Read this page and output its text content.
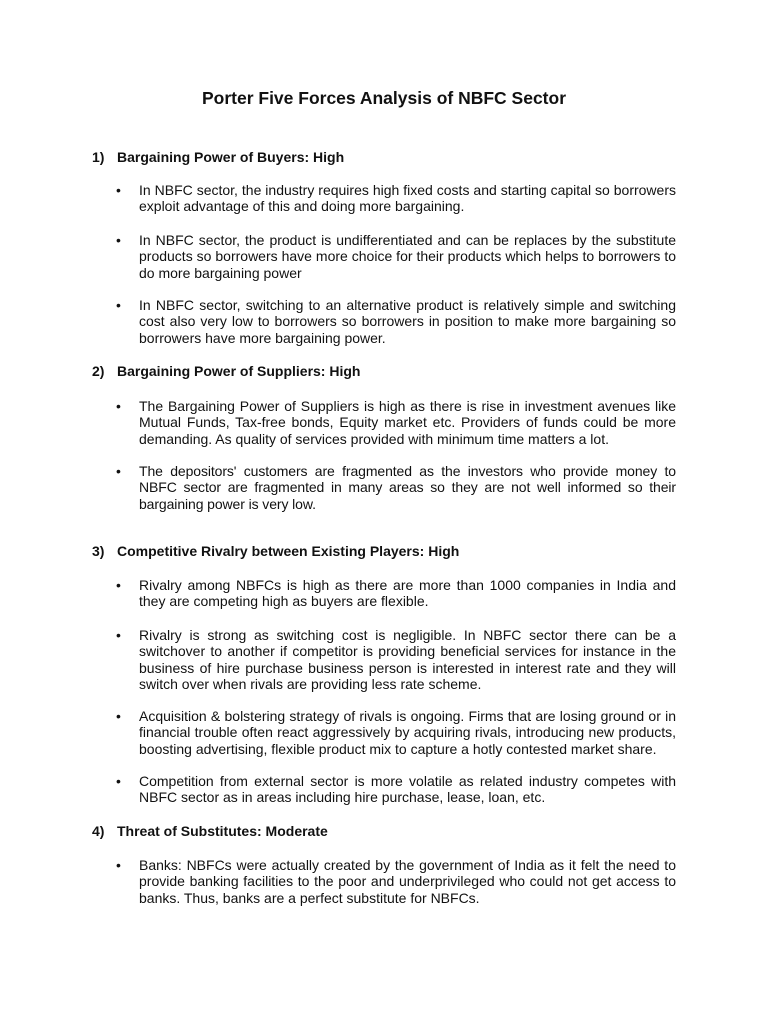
Porter Five Forces Analysis of NBFC Sector
1) Bargaining Power of Buyers: High
• In NBFC sector, the industry requires high fixed costs and starting capital so borrowers exploit advantage of this and doing more bargaining.
• In NBFC sector, the product is undifferentiated and can be replaces by the substitute products so borrowers have more choice for their products which helps to borrowers to do more bargaining power
• In NBFC sector, switching to an alternative product is relatively simple and switching cost also very low to borrowers so borrowers in position to make more bargaining so borrowers have more bargaining power.
2) Bargaining Power of Suppliers: High
• The Bargaining Power of Suppliers is high as there is rise in investment avenues like Mutual Funds, Tax-free bonds, Equity market etc. Providers of funds could be more demanding. As quality of services provided with minimum time matters a lot.
• The depositors' customers are fragmented as the investors who provide money to NBFC sector are fragmented in many areas so they are not well informed so their bargaining power is very low.
3) Competitive Rivalry between Existing Players: High
• Rivalry among NBFCs is high as there are more than 1000 companies in India and they are competing high as buyers are flexible.
• Rivalry is strong as switching cost is negligible. In NBFC sector there can be a switchover to another if competitor is providing beneficial services for instance in the business of hire purchase business person is interested in interest rate and they will switch over when rivals are providing less rate scheme.
• Acquisition & bolstering strategy of rivals is ongoing. Firms that are losing ground or in financial trouble often react aggressively by acquiring rivals, introducing new products, boosting advertising, flexible product mix to capture a hotly contested market share.
• Competition from external sector is more volatile as related industry competes with NBFC sector as in areas including hire purchase, lease, loan, etc.
4) Threat of Substitutes: Moderate
• Banks: NBFCs were actually created by the government of India as it felt the need to provide banking facilities to the poor and underprivileged who could not get access to banks. Thus, banks are a perfect substitute for NBFCs.
